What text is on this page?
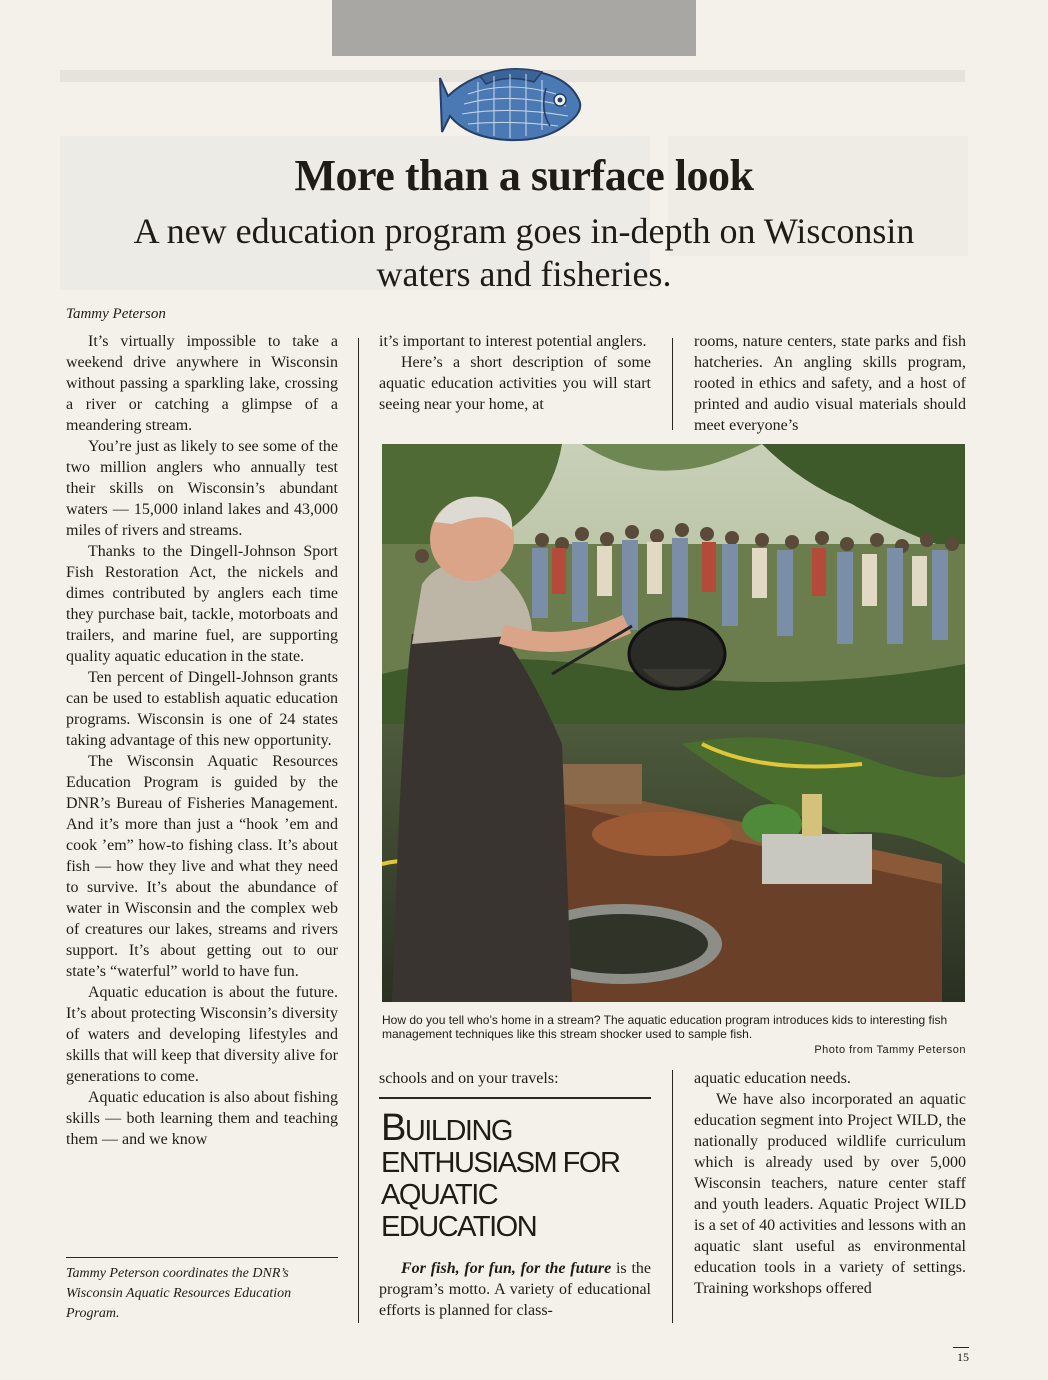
More than a surface look
A new education program goes in-depth on Wisconsin waters and fisheries.
Tammy Peterson

It’s virtually impossible to take a weekend drive anywhere in Wisconsin without passing a sparkling lake, crossing a river or catching a glimpse of a meandering stream.

You’re just as likely to see some of the two million anglers who annually test their skills on Wisconsin’s abundant waters — 15,000 inland lakes and 43,000 miles of rivers and streams.

Thanks to the Dingell-Johnson Sport Fish Restoration Act, the nickels and dimes contributed by anglers each time they purchase bait, tackle, motorboats and trailers, and marine fuel, are supporting quality aquatic education in the state.

Ten percent of Dingell-Johnson grants can be used to establish aquatic education programs. Wisconsin is one of 24 states taking advantage of this new opportunity.

The Wisconsin Aquatic Resources Education Program is guided by the DNR’s Bureau of Fisheries Management. And it’s more than just a “hook ’em and cook ’em” how-to fishing class. It’s about fish — how they live and what they need to survive. It’s about the abundance of water in Wisconsin and the complex web of creatures our lakes, streams and rivers support. It’s about getting out to our state’s “waterful” world to have fun.

Aquatic education is about the future. It’s about protecting Wisconsin’s diversity of waters and developing lifestyles and skills that will keep that diversity alive for generations to come.

Aquatic education is also about fishing skills — both learning them and teaching them — and we know

it’s important to interest potential anglers.

Here’s a short description of some aquatic education activities you will start seeing near your home, at

rooms, nature centers, state parks and fish hatcheries. An angling skills program, rooted in ethics and safety, and a host of printed and audio visual materials should meet everyone’s

How do you tell who’s home in a stream? The aquatic education program introduces kids to interesting fish management techniques like this stream shocker used to sample fish.
Photo from Tammy Peterson

schools and on your travels:

BUILDING ENTHUSIASM FOR AQUATIC EDUCATION

For fish, for fun, for the future is the program’s motto. A variety of educational efforts is planned for class-

aquatic education needs.

We have also incorporated an aquatic education segment into Project WILD, the nationally produced wildlife curriculum which is already used by over 5,000 Wisconsin teachers, nature center staff and youth leaders. Aquatic Project WILD is a set of 40 activities and lessons with an aquatic slant useful as environmental education tools in a variety of settings. Training workshops offered

Tammy Peterson coordinates the DNR’s Wisconsin Aquatic Resources Education Program.
15
